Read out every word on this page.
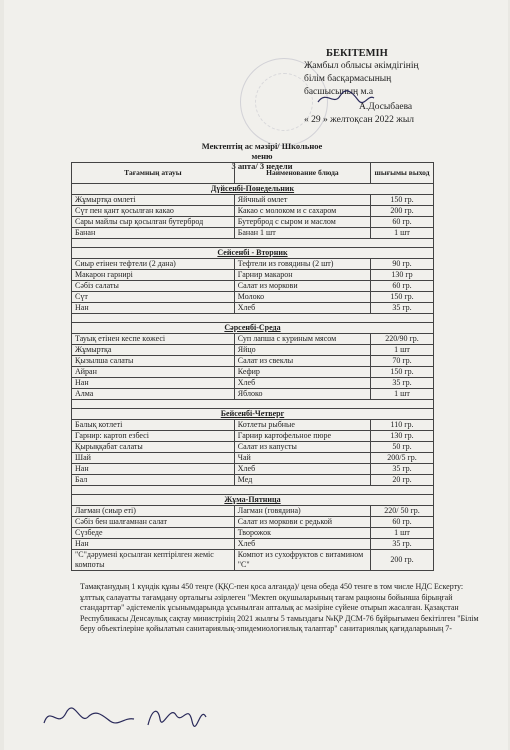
БЕКІТЕМІН
Жамбыл облысы әкімдігінің
білім басқармасының
басшысының м.а
А.Досыбаева
« 29 » желтоқсан 2022 жыл
Мектептің ас мәзірі/ Школьное меню
3 апта/ 3 недели
Тағамның атауы	Наименование блюда	шығымы выход
Дүйсенбі-Понедельник		
Жұмыртқа омлеті	Яйчный омлет	150 гр.
Сүт пен қант қосылған какао	Какао с молоком и с сахаром	200 гр.
Сары майлы сыр қосылған бутерброд	Бутерброд с сыром и маслом	60 гр.
Банан	Банан 1 шт	1 шт

Сейсенбі - Вторник		
Сиыр етінен тефтели (2 дана)	Тефтели из говядины (2 шт)	90 гр.
Макарон гарнирі	Гарнир макарон	130 гр
Сәбіз салаты	Салат из моркови	60 гр.
Сүт	Молоко	150 гр.
Нан	Хлеб	35 гр.

Сәрсенбі-Среда		
Тауық етінен кеспе көжесі	Суп лапша с куриным мясом	220/90 гр.
Жұмыртқа	Яйцо	1 шт
Қызылша салаты	Салат из свеклы	70 гр.
Айран	Кефир	150 гр.
Нан	Хлеб	35 гр.
Алма	Яблоко	1 шт

Бейсенбі-Четверг		
Балық котлеті	Котлеты рыбные	110 гр.
Гарнир: картоп езбесі	Гарнир картофельное пюре	130 гр.
Қырыққабат салаты	Салат из капусты	50 гр.
Шай	Чай	200/5 гр.
Нан	Хлеб	35 гр.
Бал	Мед	20 гр.

Жұма-Пятница		
Лағман (сиыр еті)	Лагман (говядина)	220/ 50 гр.
Сәбіз бен шалғамнан салат	Салат из моркови с редькой	60 гр.
Сүзбеде	Творожок	1 шт
Нан	Хлеб	35 гр.
"С"дәрумені қосылған кептірілген жеміс компоты	Компот из сухофруктов с витамином "С"	200 гр.
Тамақтанудың 1 күндік құны 450 теңге (ҚҚС-пен қоса алғанда)/ цена обеда 450 тенге в том числе НДС Ескерту: ұлттық салауатты тағамдану орталығы әзірлеген "Мектеп оқушыларының тағам рационы бойынша бірыңғай стандарттар" әдістемелік ұсынымдарында ұсынылған апталық ас мәзіріне сүйене отырып жасалған. Қазақстан Республикасы Денсаулық сақтау министрінің 2021 жылғы 5 тамыздағы №ҚР ДСМ-76 бұйрығымен бекітілген "Білім беру объектілеріне қойылатын санитариялық-эпидемиологиялық талаптар" санитариялық қағидаларының 7-
